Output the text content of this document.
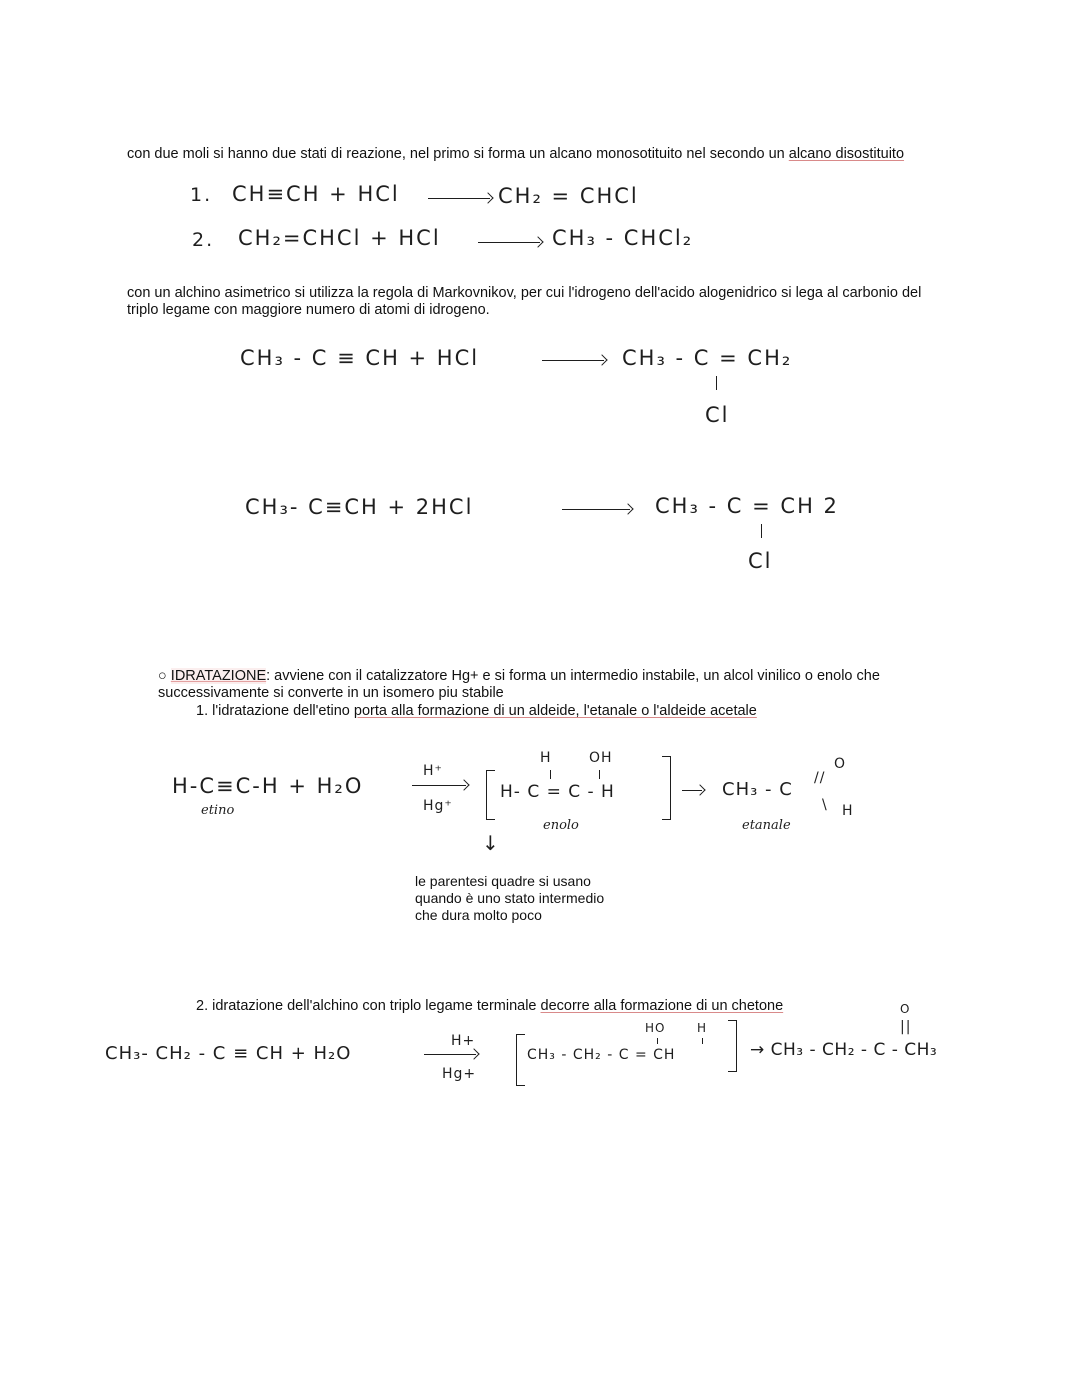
con due moli si hanno due stati di reazione, nel primo si forma un alcano monosotituito nel secondo un alcano disostituito
1. CH≡CH + HCl	CH₂ = CHCl
2. CH₂=CHCl + HCl	CH₃ - CHCl₂
con un alchino asimetrico si utilizza la regola di Markovnikov, per cui l'idrogeno dell'acido alogenidrico si lega al carbonio del triplo legame con maggiore numero di atomi di idrogeno.
CH₃ - C ≡ CH + HCl	CH₃ - C = CH₂
Cl
CH₃- C≡CH + 2HCl	CH₃ - C = CH 2
Cl
○ IDRATAZIONE: avviene con il catalizzatore Hg+ e si forma un intermedio instabile, un alcol vinilico o enolo che successivamente si converte in un isomero piu stabile
1. l'idratazione dell'etino porta alla formazione di un aldeide, l'etanale o l'aldeide acetale
H-C≡C-H + H₂O
etino
H⁺
Hg⁺
H	OH
H- C = C - H
enolo
↓
CH₃ - C
//
O
\ H
etanale
le parentesi quadre si usano quando è uno stato intermedio che dura molto poco
2. idratazione dell'alchino con triplo legame terminale decorre alla formazione di un chetone
CH₃- CH₂ - C ≡ CH + H₂O
H+
Hg+
HO	H
CH₃ - CH₂ - C = CH	→ CH₃ - CH₂ - C - CH₃
O
||
